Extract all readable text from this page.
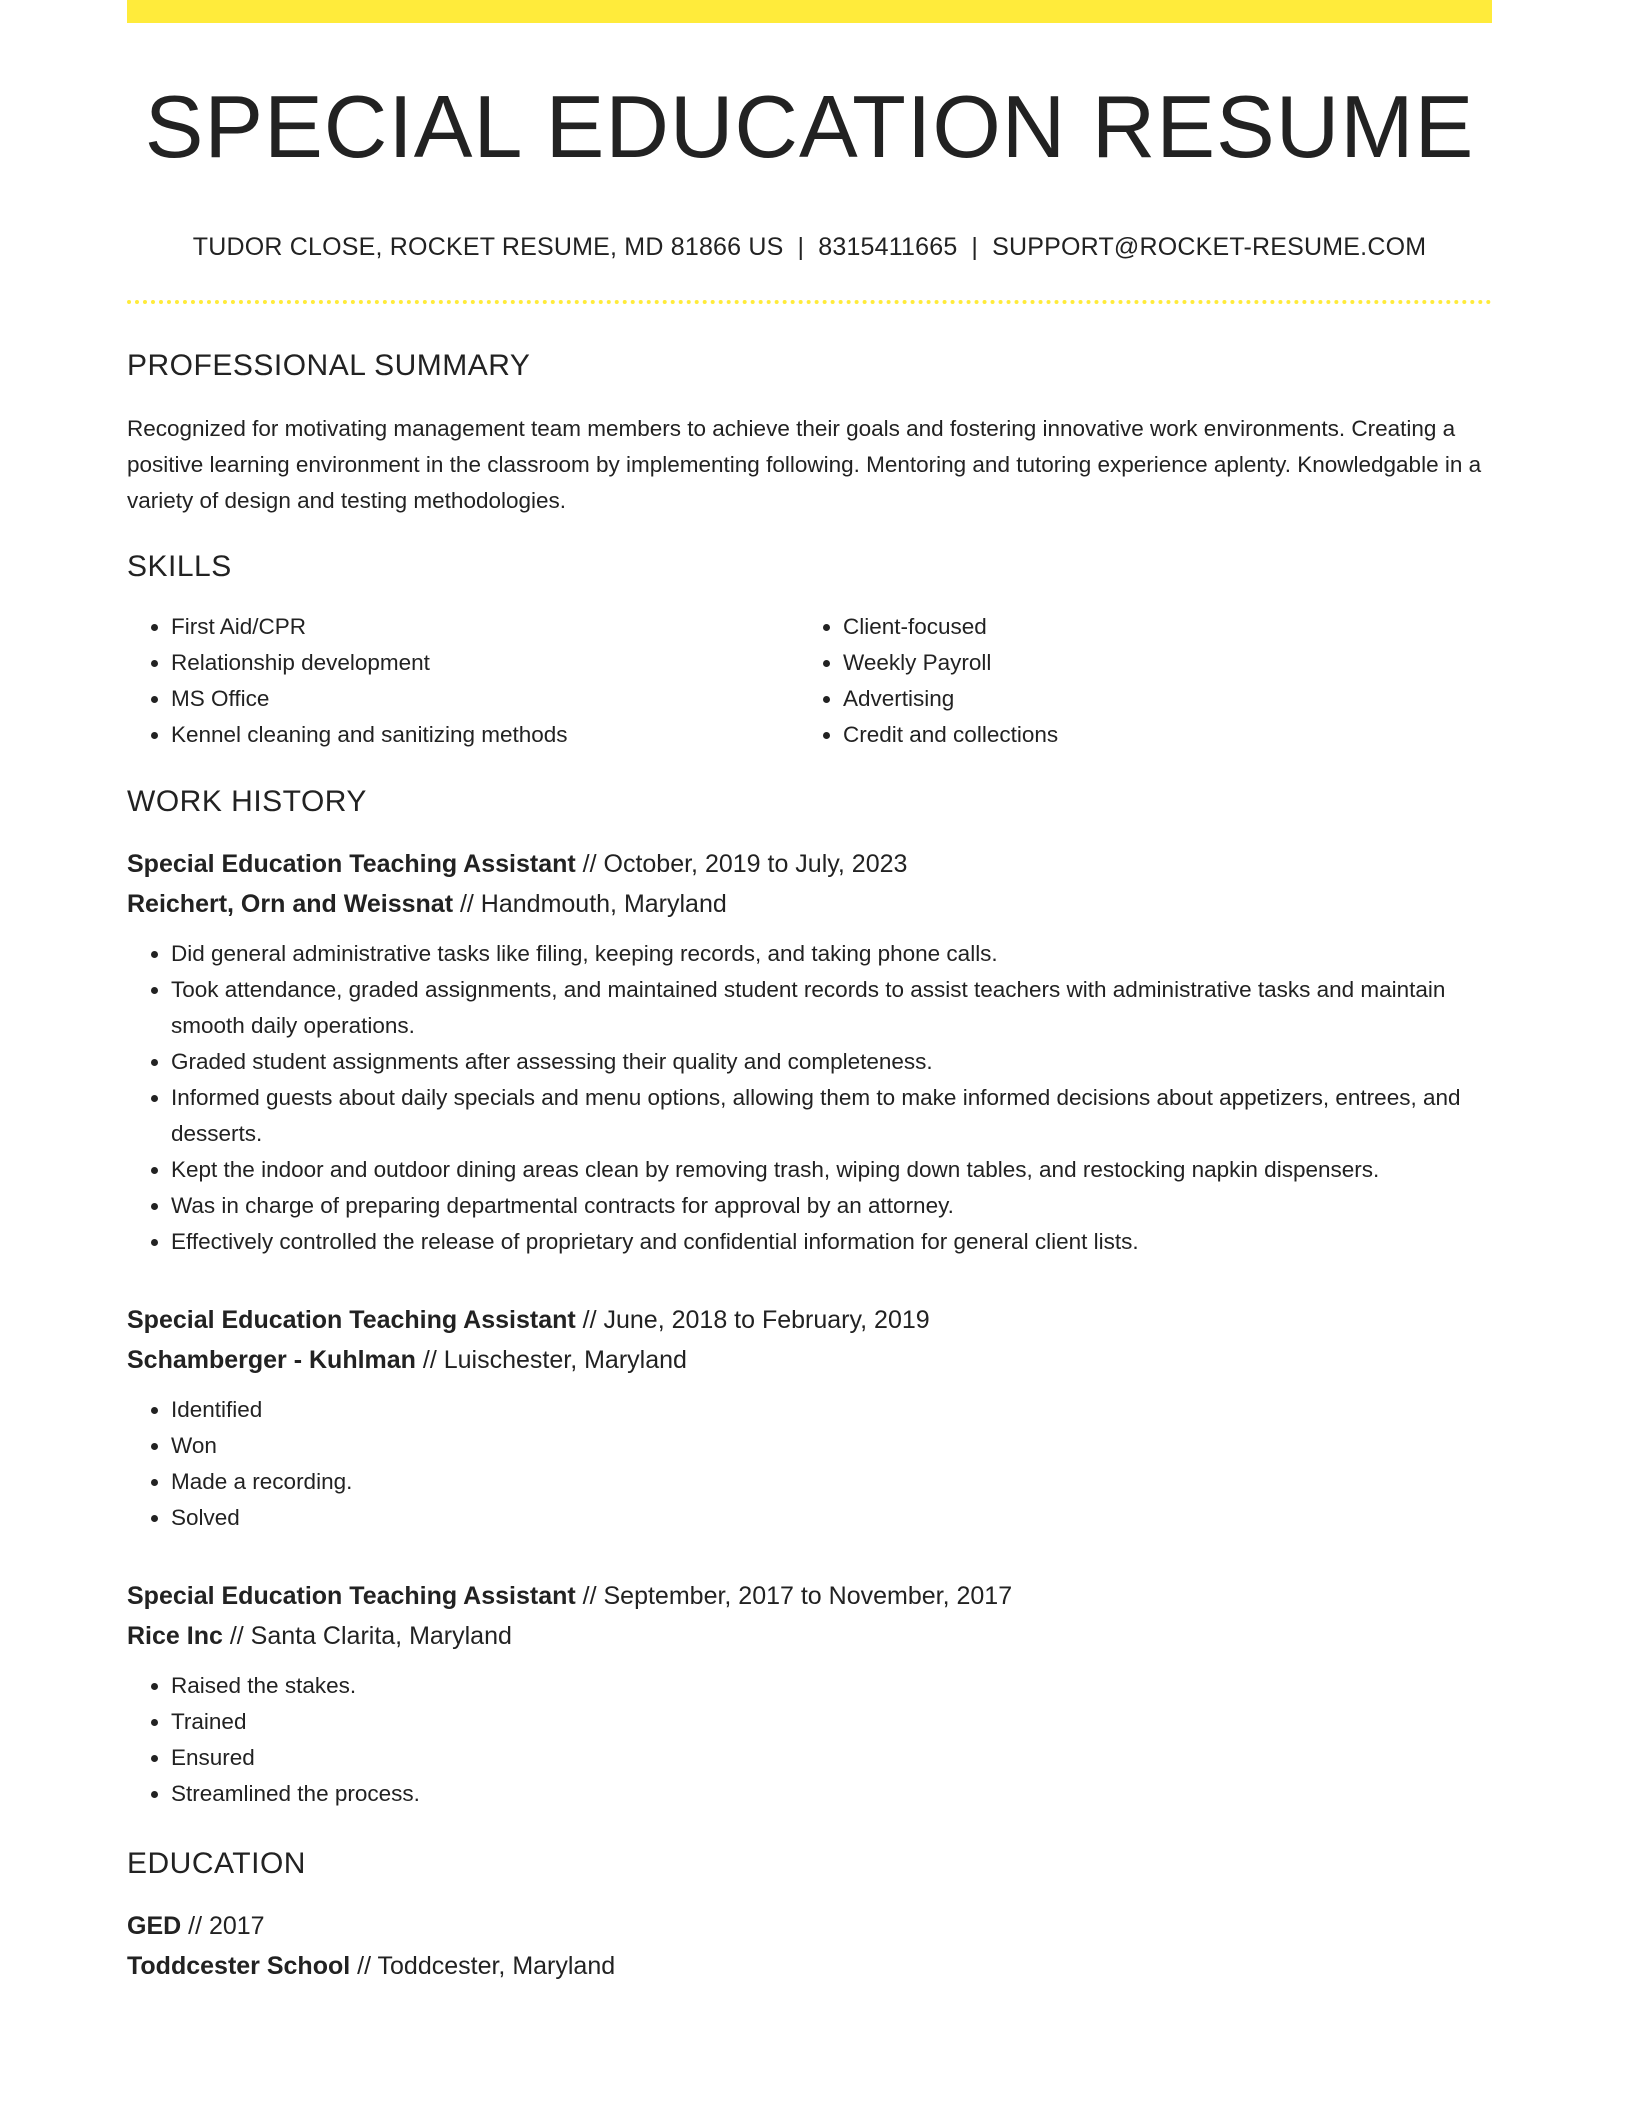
SPECIAL EDUCATION RESUME
TUDOR CLOSE, ROCKET RESUME, MD 81866 US | 8315411665 | SUPPORT@ROCKET-RESUME.COM
PROFESSIONAL SUMMARY

Recognized for motivating management team members to achieve their goals and fostering innovative work environments. Creating a positive learning environment in the classroom by implementing following. Mentoring and tutoring experience aplenty. Knowledgable in a variety of design and testing methodologies.

SKILLS
• First Aid/CPR
• Relationship development
• MS Office
• Kennel cleaning and sanitizing methods
• Client-focused
• Weekly Payroll
• Advertising
• Credit and collections
WORK HISTORY
Special Education Teaching Assistant // October, 2019 to July, 2023
Reichert, Orn and Weissnat // Handmouth, Maryland
• Did general administrative tasks like filing, keeping records, and taking phone calls.
• Took attendance, graded assignments, and maintained student records to assist teachers with administrative tasks and maintain smooth daily operations.
• Graded student assignments after assessing their quality and completeness.
• Informed guests about daily specials and menu options, allowing them to make informed decisions about appetizers, entrees, and desserts.
• Kept the indoor and outdoor dining areas clean by removing trash, wiping down tables, and restocking napkin dispensers.
• Was in charge of preparing departmental contracts for approval by an attorney.
• Effectively controlled the release of proprietary and confidential information for general client lists.
Special Education Teaching Assistant // June, 2018 to February, 2019
Schamberger - Kuhlman // Luischester, Maryland
• Identified
• Won
• Made a recording.
• Solved
Special Education Teaching Assistant // September, 2017 to November, 2017
Rice Inc // Santa Clarita, Maryland
• Raised the stakes.
• Trained
• Ensured
• Streamlined the process.
EDUCATION
GED // 2017
Toddcester School // Toddcester, Maryland
